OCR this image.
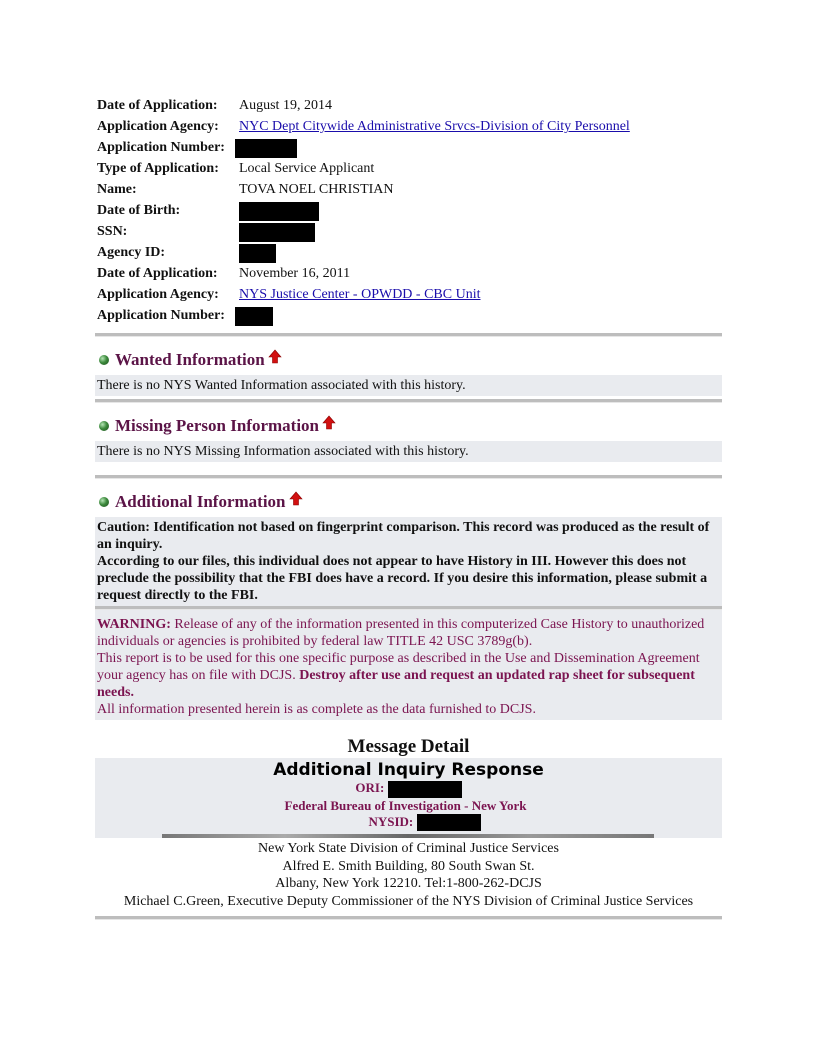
Date of Application:	August 19, 2014
Application Agency:	NYC Dept Citywide Administrative Srvcs-Division of City Personnel
Application Number:	
Type of Application:	Local Service Applicant
Name:	TOVA NOEL CHRISTIAN
Date of Birth:	
SSN:	
Agency ID:	
Date of Application:	November 16, 2011
Application Agency:	NYS Justice Center - OPWDD - CBC Unit
Application Number:	
Wanted Information
There is no NYS Wanted Information associated with this history.
Missing Person Information
There is no NYS Missing Information associated with this history.
Additional Information
Caution: Identification not based on fingerprint comparison. This record was produced as the result of an inquiry.
According to our files, this individual does not appear to have History in III. However this does not preclude the possibility that the FBI does have a record. If you desire this information, please submit a request directly to the FBI.
WARNING: Release of any of the information presented in this computerized Case History to unauthorized
individuals or agencies is prohibited by federal law TITLE 42 USC 3789g(b).
This report is to be used for this one specific purpose as described in the Use and Dissemination Agreement
your agency has on file with DCJS. Destroy after use and request an updated rap sheet for subsequent needs.
All information presented herein is as complete as the data furnished to DCJS.
Message Detail
Additional Inquiry Response
ORI:
Federal Bureau of Investigation - New York
NYSID:
New York State Division of Criminal Justice Services
Alfred E. Smith Building, 80 South Swan St.
Albany, New York 12210. Tel:1-800-262-DCJS
Michael C.Green, Executive Deputy Commissioner of the NYS Division of Criminal Justice Services
